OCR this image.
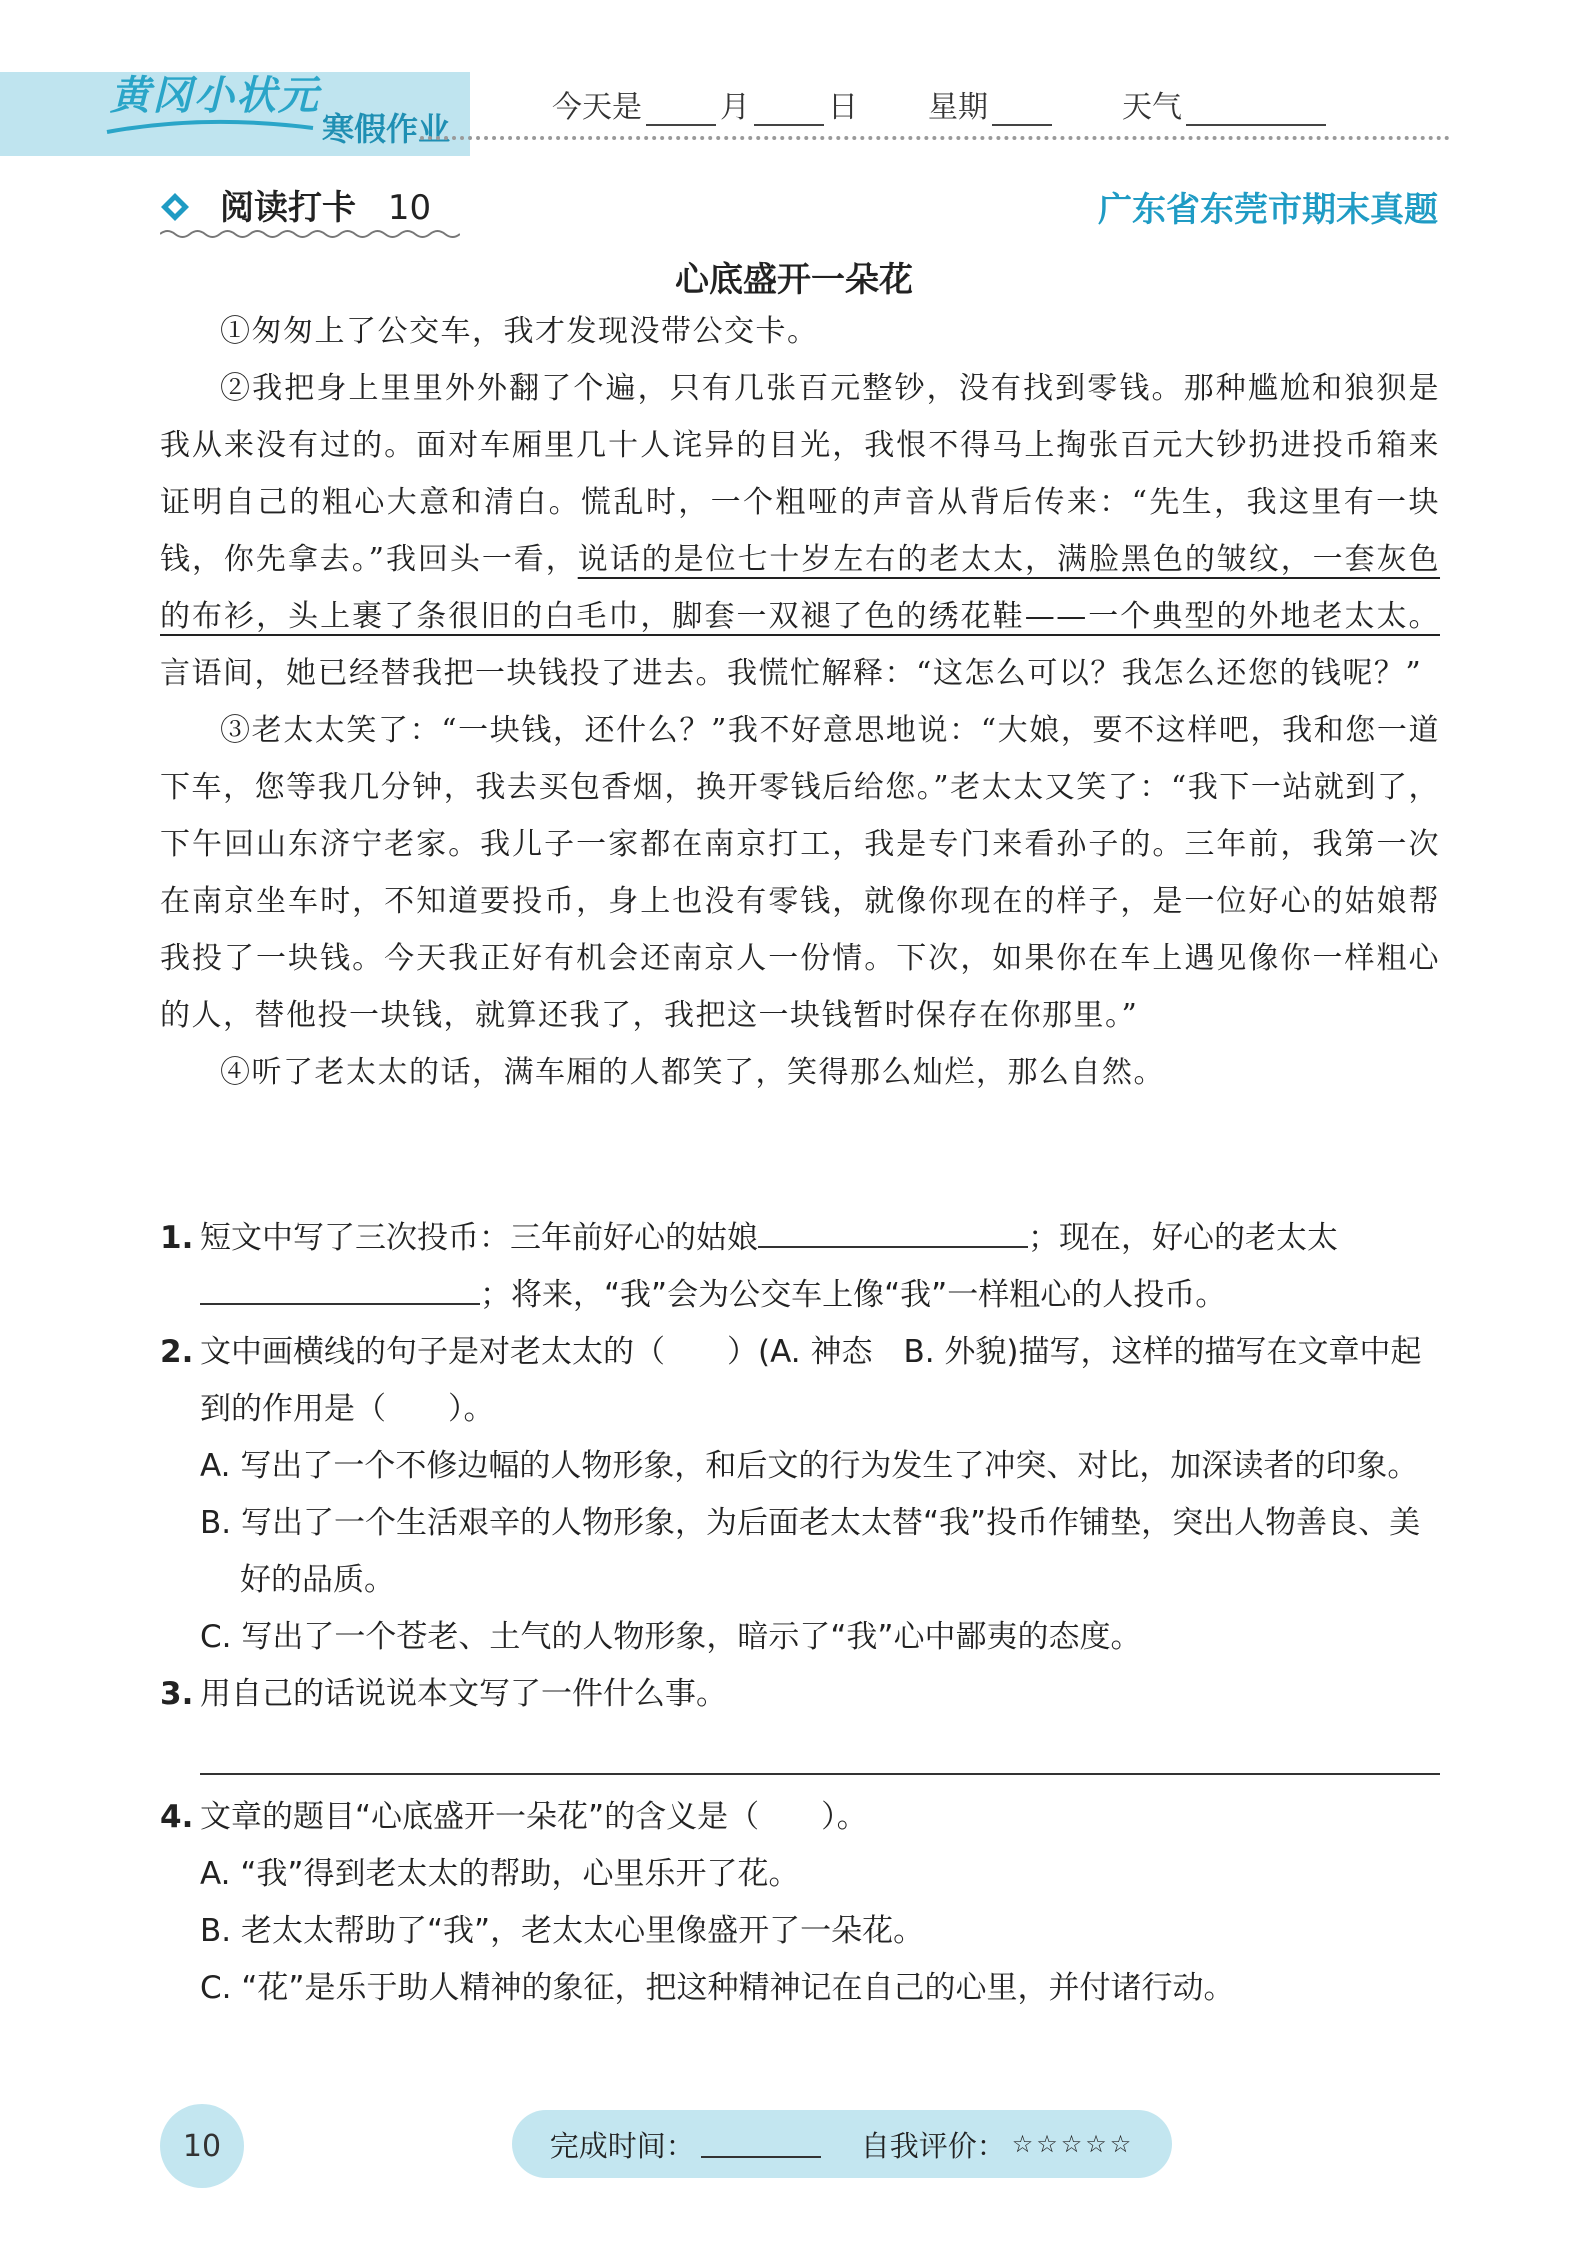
黄冈小状元
寒假作业
今天是	月	日 星期	天气
阅读打卡 10	广东省东莞市期末真题
心底盛开一朵花

①匆匆上了公交车，我才发现没带公交卡。

②我把身上里里外外翻了个遍，只有几张百元整钞，没有找到零钱。那种尴尬和狼狈是我从来没有过的。面对车厢里几十人诧异的目光，我恨不得马上掏张百元大钞扔进投币箱来证明自己的粗心大意和清白。慌乱时，一个粗哑的声音从背后传来：“先生，我这里有一块钱，你先拿去。”我回头一看，说话的是位七十岁左右的老太太，满脸黑色的皱纹，一套灰色的布衫，头上裹了条很旧的白毛巾，脚套一双褪了色的绣花鞋——一个典型的外地老太太。言语间，她已经替我把一块钱投了进去。我慌忙解释：“这怎么可以？我怎么还您的钱呢？”

③老太太笑了：“一块钱，还什么？”我不好意思地说：“大娘，要不这样吧，我和您一道下车，您等我几分钟，我去买包香烟，换开零钱后给您。”老太太又笑了：“我下一站就到了，下午回山东济宁老家。我儿子一家都在南京打工，我是专门来看孙子的。三年前，我第一次在南京坐车时，不知道要投币，身上也没有零钱，就像你现在的样子，是一位好心的姑娘帮我投了一块钱。今天我正好有机会还南京人一份情。下次，如果你在车上遇见像你一样粗心的人，替他投一块钱，就算还我了，我把这一块钱暂时保存在你那里。”

④听了老太太的话，满车厢的人都笑了，笑得那么灿烂，那么自然。

1. 短文中写了三次投币：三年前好心的姑娘	；现在，好心的老太太
；将来，“我”会为公交车上像“我”一样粗心的人投币。
2. 文中画横线的句子是对老太太的（　　）(A. 神态　B. 外貌)描写，这样的描写在文章中起到的作用是（　　）。
A. 写出了一个不修边幅的人物形象，和后文的行为发生了冲突、对比，加深读者的印象。
B. 写出了一个生活艰辛的人物形象，为后面老太太替“我”投币作铺垫，突出人物善良、美好的品质。
C. 写出了一个苍老、土气的人物形象，暗示了“我”心中鄙夷的态度。
3. 用自己的话说说本文写了一件什么事。
4. 文章的题目“心底盛开一朵花”的含义是（　　）。
A. “我”得到老太太的帮助，心里乐开了花。
B. 老太太帮助了“我”，老太太心里像盛开了一朵花。
C. “花”是乐于助人精神的象征，把这种精神记在自己的心里，并付诸行动。
10	完成时间：	自我评价： ☆☆☆☆☆
